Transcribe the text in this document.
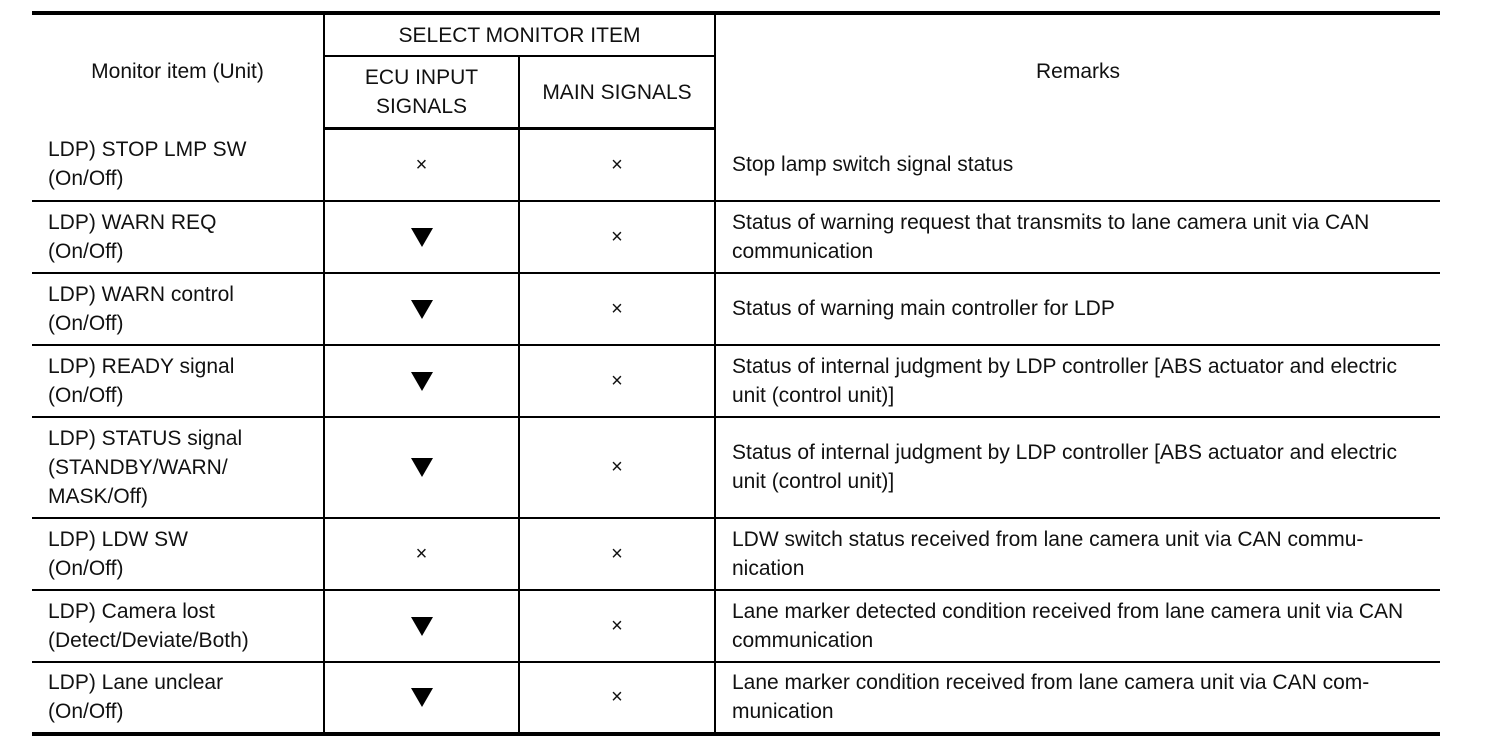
Monitor item (Unit)	SELECT MONITOR ITEM		Remarks
	ECU INPUT SIGNALS	MAIN SIGNALS	

LDP) STOP LMP SW
(On/Off)	×	×	Stop lamp switch signal status

LDP) WARN REQ
(On/Off)		×	Status of warning request that transmits to lane camera unit via CAN communication

LDP) WARN control
(On/Off)		×	Status of warning main controller for LDP

LDP) READY signal
(On/Off)		×	Status of internal judgment by LDP controller [ABS actuator and electric unit (control unit)]

LDP) STATUS signal
(STANDBY/WARN/ MASK/Off)		×	Status of internal judgment by LDP controller [ABS actuator and electric unit (control unit)]

LDP) LDW SW
(On/Off)	×	×	LDW switch status received from lane camera unit via CAN commu-nication

LDP) Camera lost
(Detect/Deviate/Both)		×	Lane marker detected condition received from lane camera unit via CAN communication

LDP) Lane unclear
(On/Off)		×	Lane marker condition received from lane camera unit via CAN com-munication
